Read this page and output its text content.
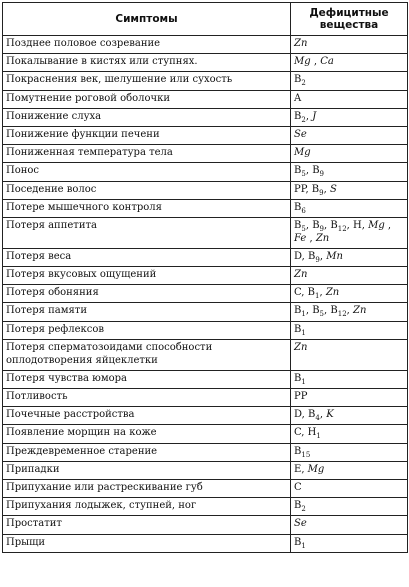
Симптомы	Дефицитные вещества
Позднее половое созревание	Zn
Покалывание в кистях или ступнях.	Mg , Ca
Покраснения век, шелушение или сухость	$B_2$
Помутнение роговой оболочки	A
Понижение слуха	$B_2$, J
Понижение функции печени	Se
Пониженная температура тела	Mg
Понос	$B_5$, $B_9$
Поседение волос	PP, $B_9$, S
Потере мышечного контроля	$B_6$
Потеря аппетита	$B_5$, $B_9$, $B_{12}$, H, Mg , Fe , Zn
Потеря веса	D, $B_9$, Mn
Потеря вкусовых ощущений	Zn
Потеря обоняния	C, $B_1$, Zn
Потеря памяти	$B_1$, $B_5$, $B_{12}$, Zn
Потеря рефлексов	$B_1$
Потеря сперматозоидами способности оплодотворения яйцеклетки	Zn
Потеря чувства юмора	$B_1$
Потливость	PP
Почечные расстройства	D, $B_4$, K
Появление морщин на коже	C, $H_1$
Преждевременное старение	$B_{15}$
Припадки	E, Mg
Припухание или растрескивание губ	C
Припухания лодыжек, ступней, ног	$B_2$
Простатит	Se
Прыщи	$B_1$
